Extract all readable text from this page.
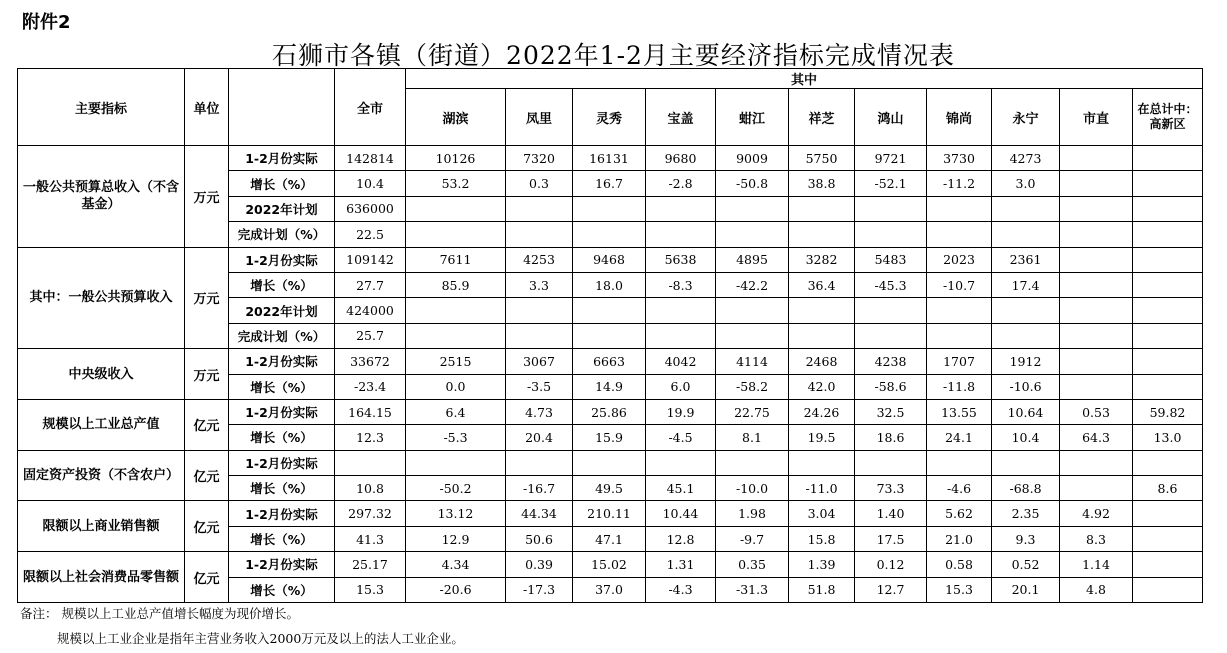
附件2
石狮市各镇（街道）2022年1-2月主要经济指标完成情况表
主要指标	单位		全市	其中										
				湖滨	凤里	灵秀	宝盖	蚶江	祥芝	鸿山	锦尚	永宁	市直	在总计中：高新区
一般公共预算总收入（不含基金）	万元	1-2月份实际	142814	10126	7320	16131	9680	9009	5750	9721	3730	4273		
		增长（%）	10.4	53.2	0.3	16.7	-2.8	-50.8	38.8	-52.1	-11.2	3.0		
		2022年计划	636000											
		完成计划（%）	22.5											
其中：一般公共预算收入	万元	1-2月份实际	109142	7611	4253	9468	5638	4895	3282	5483	2023	2361		
		增长（%）	27.7	85.9	3.3	18.0	-8.3	-42.2	36.4	-45.3	-10.7	17.4		
		2022年计划	424000											
		完成计划（%）	25.7											
中央级收入	万元	1-2月份实际	33672	2515	3067	6663	4042	4114	2468	4238	1707	1912		
		增长（%）	-23.4	0.0	-3.5	14.9	6.0	-58.2	42.0	-58.6	-11.8	-10.6		
规模以上工业总产值	亿元	1-2月份实际	164.15	6.4	4.73	25.86	19.9	22.75	24.26	32.5	13.55	10.64	0.53	59.82
		增长（%）	12.3	-5.3	20.4	15.9	-4.5	8.1	19.5	18.6	24.1	10.4	64.3	13.0
固定资产投资（不含农户）	亿元	1-2月份实际												
		增长（%）	10.8	-50.2	-16.7	49.5	45.1	-10.0	-11.0	73.3	-4.6	-68.8		8.6
限额以上商业销售额	亿元	1-2月份实际	297.32	13.12	44.34	210.11	10.44	1.98	3.04	1.40	5.62	2.35	4.92	
		增长（%）	41.3	12.9	50.6	47.1	12.8	-9.7	15.8	17.5	21.0	9.3	8.3	
限额以上社会消费品零售额	亿元	1-2月份实际	25.17	4.34	0.39	15.02	1.31	0.35	1.39	0.12	0.58	0.52	1.14	
		增长（%）	15.3	-20.6	-17.3	37.0	-4.3	-31.3	51.8	12.7	15.3	20.1	4.8	
备注： 规模以上工业总产值增长幅度为现价增长。
规模以上工业企业是指年主营业务收入2000万元及以上的法人工业企业。
